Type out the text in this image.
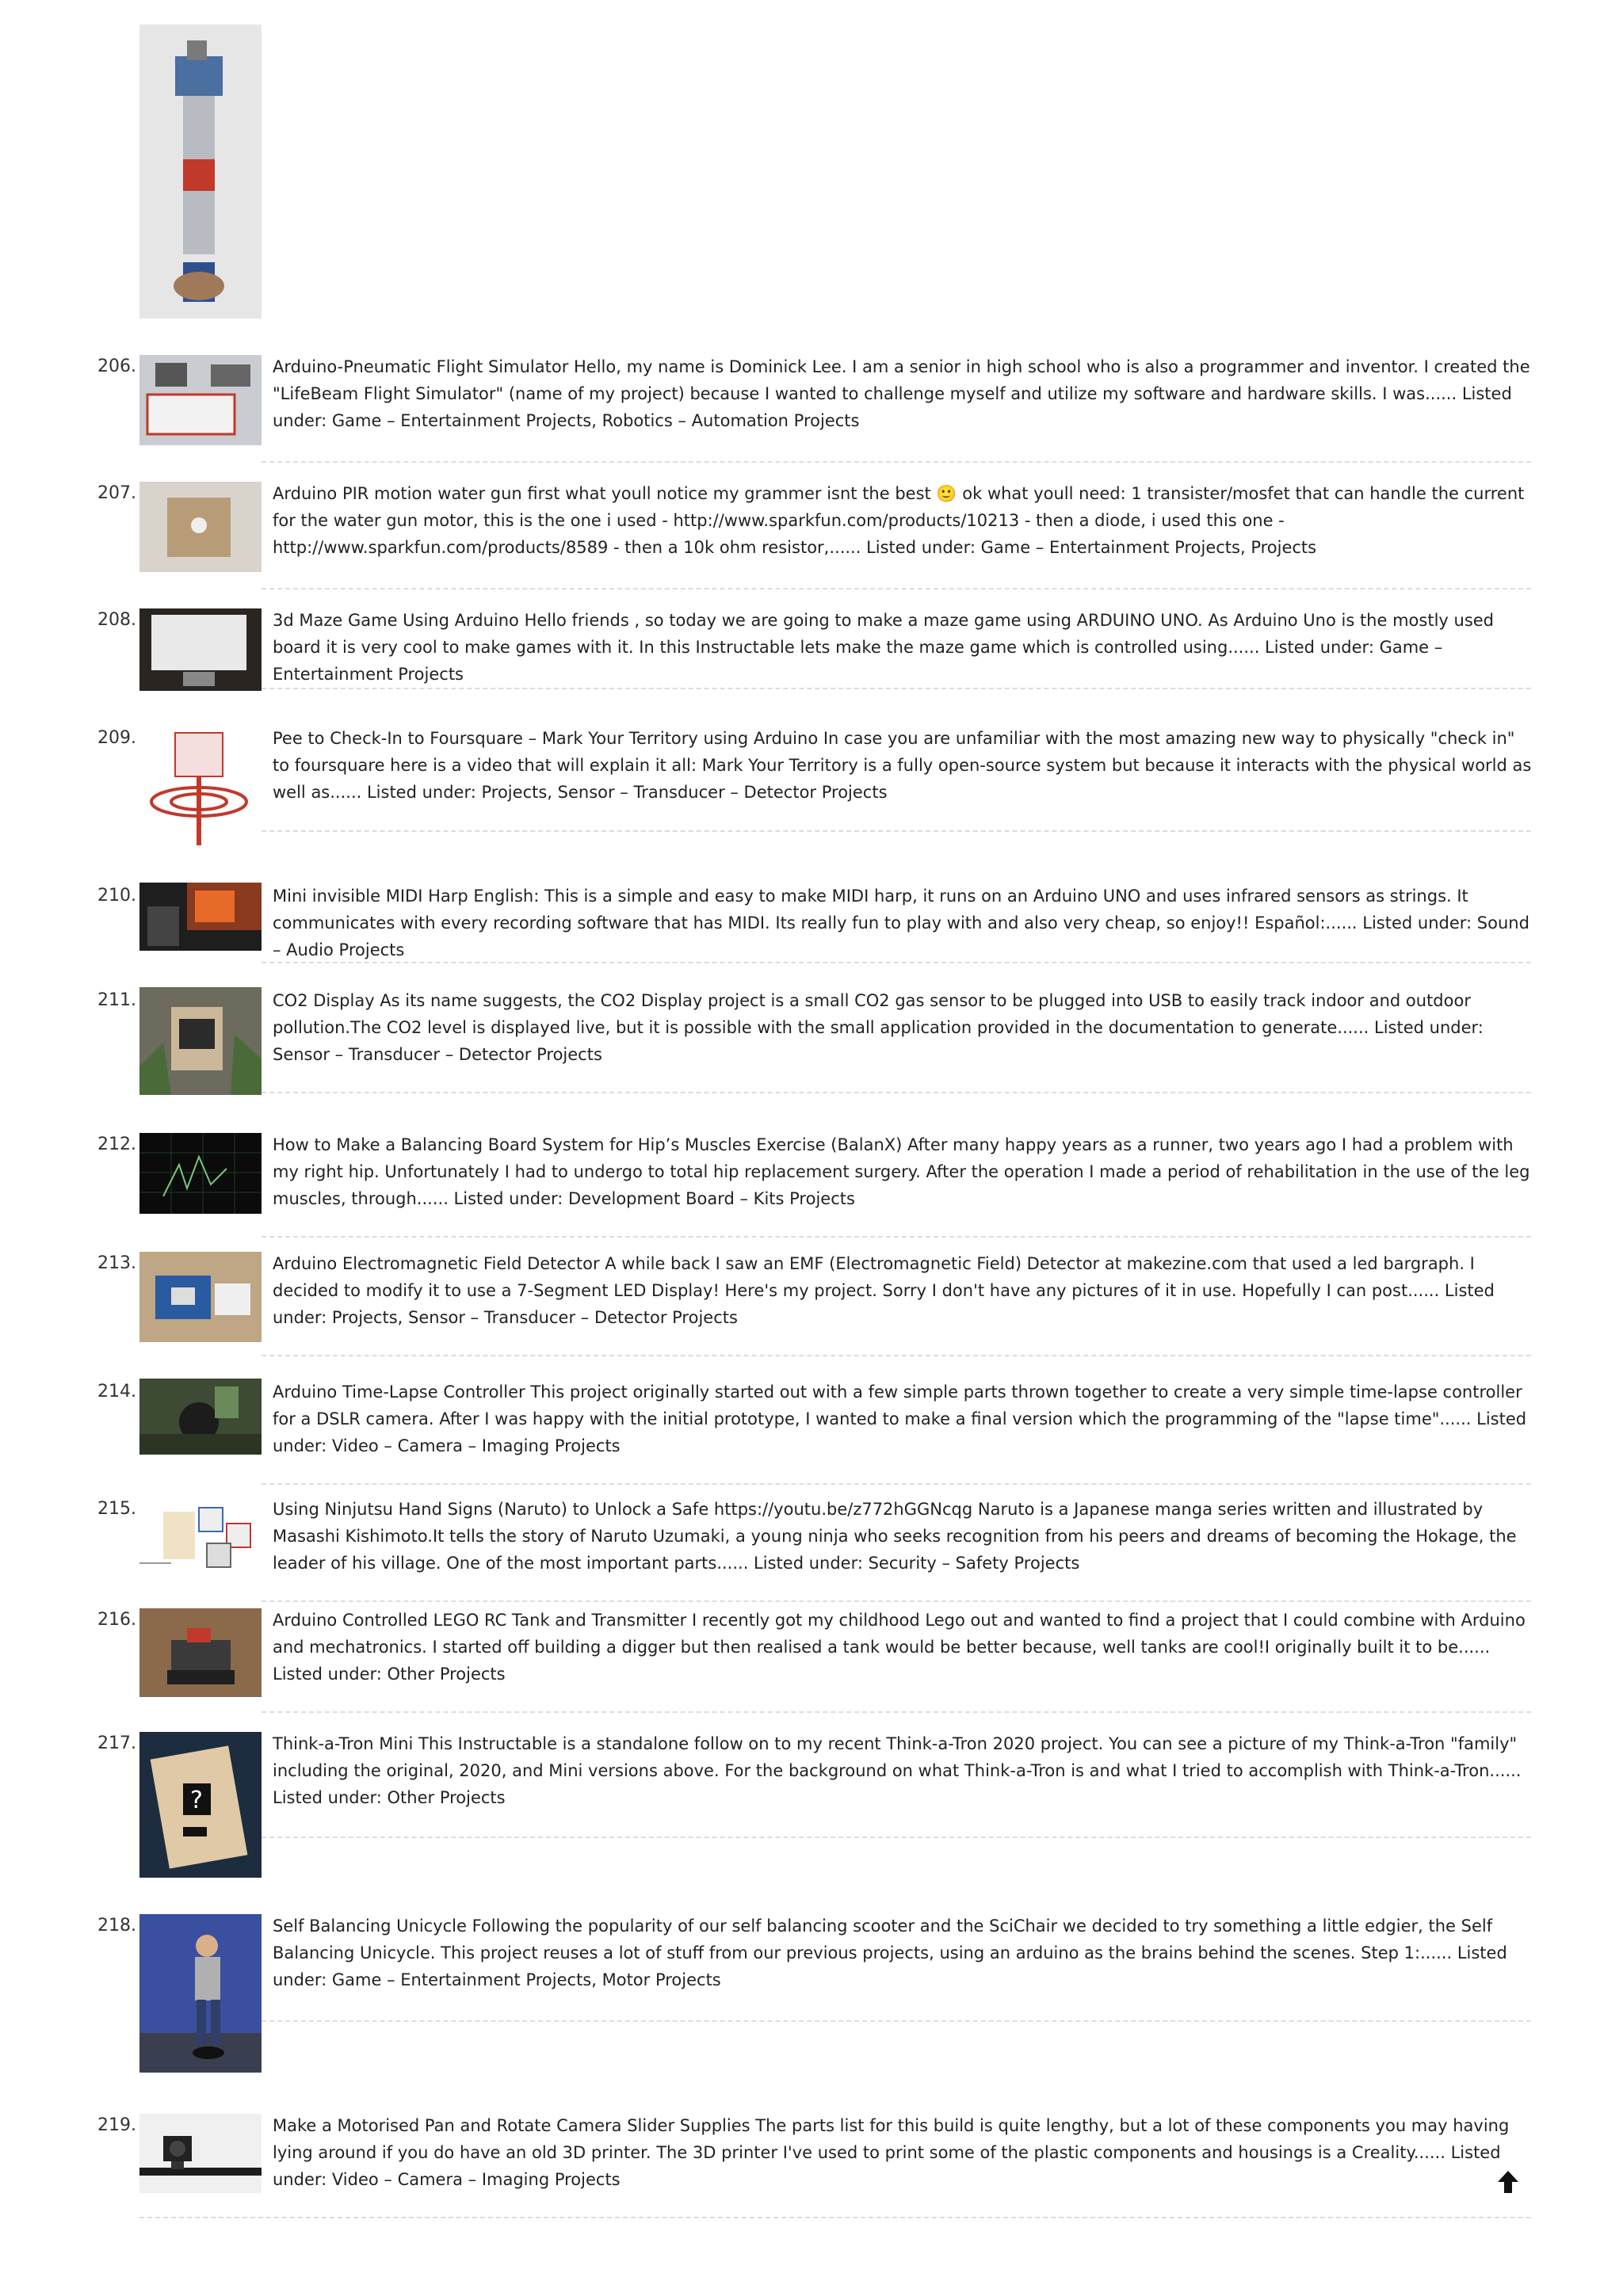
206.	Arduino-Pneumatic Flight Simulator Hello, my name is Dominick Lee. I am a senior in high school who is also a programmer and inventor. I created the "LifeBeam Flight Simulator" (name of my project) because I wanted to challenge myself and utilize my software and hardware skills. I was...... Listed under: Game – Entertainment Projects, Robotics – Automation Projects
207.	Arduino PIR motion water gun first what youll notice my grammer isnt the best 🙂 ok what youll need: 1 transister/mosfet that can handle the current for the water gun motor, this is the one i used - http://www.sparkfun.com/products/10213 - then a diode, i used this one - http://www.sparkfun.com/products/8589 - then a 10k ohm resistor,...... Listed under: Game – Entertainment Projects, Projects
208.	3d Maze Game Using Arduino Hello friends , so today we are going to make a maze game using ARDUINO UNO. As Arduino Uno is the mostly used board it is very cool to make games with it. In this Instructable lets make the maze game which is controlled using...... Listed under: Game – Entertainment Projects
209.	Pee to Check-In to Foursquare – Mark Your Territory using Arduino In case you are unfamiliar with the most amazing new way to physically "check in" to foursquare here is a video that will explain it all: Mark Your Territory is a fully open-source system but because it interacts with the physical world as well as...... Listed under: Projects, Sensor – Transducer – Detector Projects
210.	Mini invisible MIDI Harp English: This is a simple and easy to make MIDI harp, it runs on an Arduino UNO and uses infrared sensors as strings. It communicates with every recording software that has MIDI. Its really fun to play with and also very cheap, so enjoy!! Español:...... Listed under: Sound – Audio Projects
211.	CO2 Display As its name suggests, the CO2 Display project is a small CO2 gas sensor to be plugged into USB to easily track indoor and outdoor pollution.The CO2 level is displayed live, but it is possible with the small application provided in the documentation to generate...... Listed under: Sensor – Transducer – Detector Projects
212.	How to Make a Balancing Board System for Hip’s Muscles Exercise (BalanX) After many happy years as a runner, two years ago I had a problem with my right hip. Unfortunately I had to undergo to total hip replacement surgery. After the operation I made a period of rehabilitation in the use of the leg muscles, through...... Listed under: Development Board – Kits Projects
213.	Arduino Electromagnetic Field Detector A while back I saw an EMF (Electromagnetic Field) Detector at makezine.com that used a led bargraph. I decided to modify it to use a 7-Segment LED Display! Here's my project. Sorry I don't have any pictures of it in use. Hopefully I can post...... Listed under: Projects, Sensor – Transducer – Detector Projects
214.	Arduino Time-Lapse Controller This project originally started out with a few simple parts thrown together to create a very simple time-lapse controller for a DSLR camera. After I was happy with the initial prototype, I wanted to make a final version which the programming of the "lapse time"...... Listed under: Video – Camera – Imaging Projects
215.	Using Ninjutsu Hand Signs (Naruto) to Unlock a Safe https://youtu.be/z772hGGNcqg Naruto is a Japanese manga series written and illustrated by Masashi Kishimoto.It tells the story of Naruto Uzumaki, a young ninja who seeks recognition from his peers and dreams of becoming the Hokage, the leader of his village. One of the most important parts...... Listed under: Security – Safety Projects
216.	Arduino Controlled LEGO RC Tank and Transmitter I recently got my childhood Lego out and wanted to find a project that I could combine with Arduino and mechatronics. I started off building a digger but then realised a tank would be better because, well tanks are cool!I originally built it to be...... Listed under: Other Projects
217.
?
Think-a-Tron Mini This Instructable is a standalone follow on to my recent Think-a-Tron 2020 project. You can see a picture of my Think-a-Tron "family" including the original, 2020, and Mini versions above. For the background on what Think-a-Tron is and what I tried to accomplish with Think-a-Tron...... Listed under: Other Projects
218.	Self Balancing Unicycle Following the popularity of our self balancing scooter and the SciChair we decided to try something a little edgier, the Self Balancing Unicycle. This project reuses a lot of stuff from our previous projects, using an arduino as the brains behind the scenes. Step 1:...... Listed under: Game – Entertainment Projects, Motor Projects
219.	Make a Motorised Pan and Rotate Camera Slider Supplies The parts list for this build is quite lengthy, but a lot of these components you may having lying around if you do have an old 3D printer. The 3D printer I've used to print some of the plastic components and housings is a Creality...... Listed under: Video – Camera – Imaging Projects
